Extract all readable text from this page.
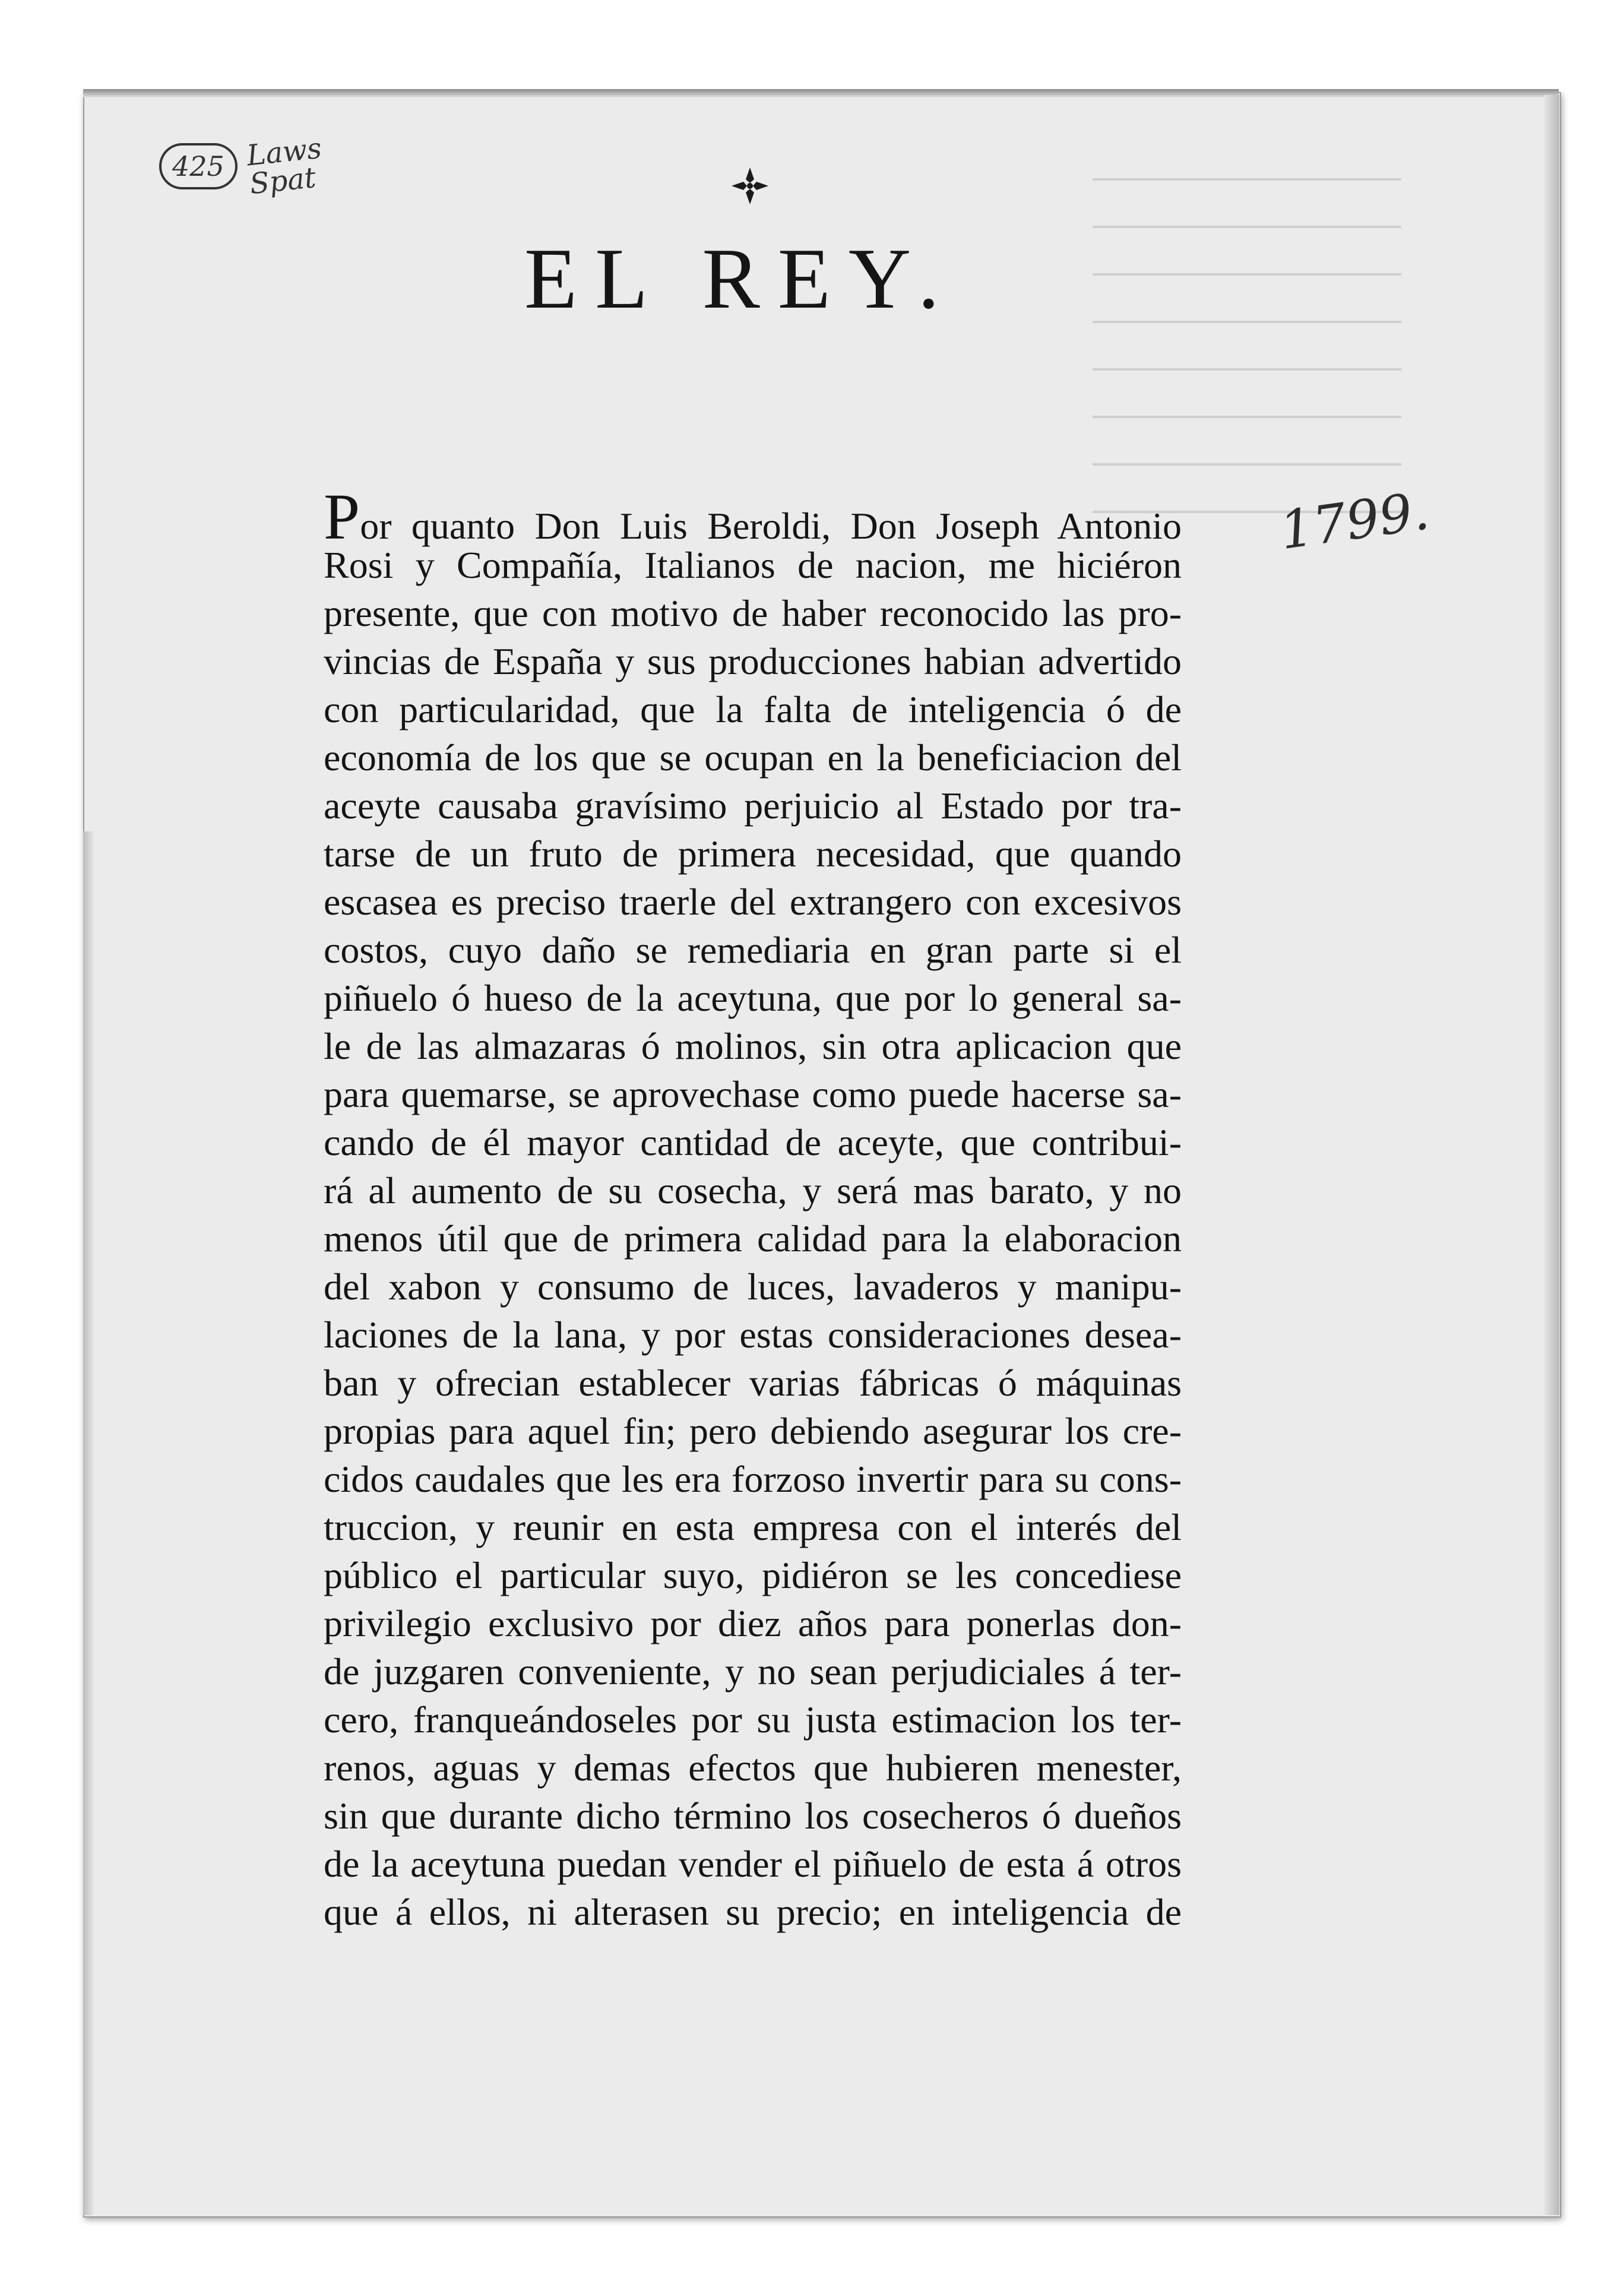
425 Laws
Spat
1799.
EL REY.
Por quanto Don Luis Beroldi, Don Joseph Antonio
Rosi y Compañía, Italianos de nacion, me hiciéron
presente, que con motivo de haber reconocido las pro-
vincias de España y sus producciones habian advertido
con particularidad, que la falta de inteligencia ó de
economía de los que se ocupan en la beneficiacion del
aceyte causaba gravísimo perjuicio al Estado por tra-
tarse de un fruto de primera necesidad, que quando
escasea es preciso traerle del extrangero con excesivos
costos, cuyo daño se remediaria en gran parte si el
piñuelo ó hueso de la aceytuna, que por lo general sa-
le de las almazaras ó molinos, sin otra aplicacion que
para quemarse, se aprovechase como puede hacerse sa-
cando de él mayor cantidad de aceyte, que contribui-
rá al aumento de su cosecha, y será mas barato, y no
menos útil que de primera calidad para la elaboracion
del xabon y consumo de luces, lavaderos y manipu-
laciones de la lana, y por estas consideraciones desea-
ban y ofrecian establecer varias fábricas ó máquinas
propias para aquel fin; pero debiendo asegurar los cre-
cidos caudales que les era forzoso invertir para su cons-
truccion, y reunir en esta empresa con el interés del
público el particular suyo, pidiéron se les concediese
privilegio exclusivo por diez años para ponerlas don-
de juzgaren conveniente, y no sean perjudiciales á ter-
cero, franqueándoseles por su justa estimacion los ter-
renos, aguas y demas efectos que hubieren menester,
sin que durante dicho término los cosecheros ó dueños
de la aceytuna puedan vender el piñuelo de esta á otros
que á ellos, ni alterasen su precio; en inteligencia de
